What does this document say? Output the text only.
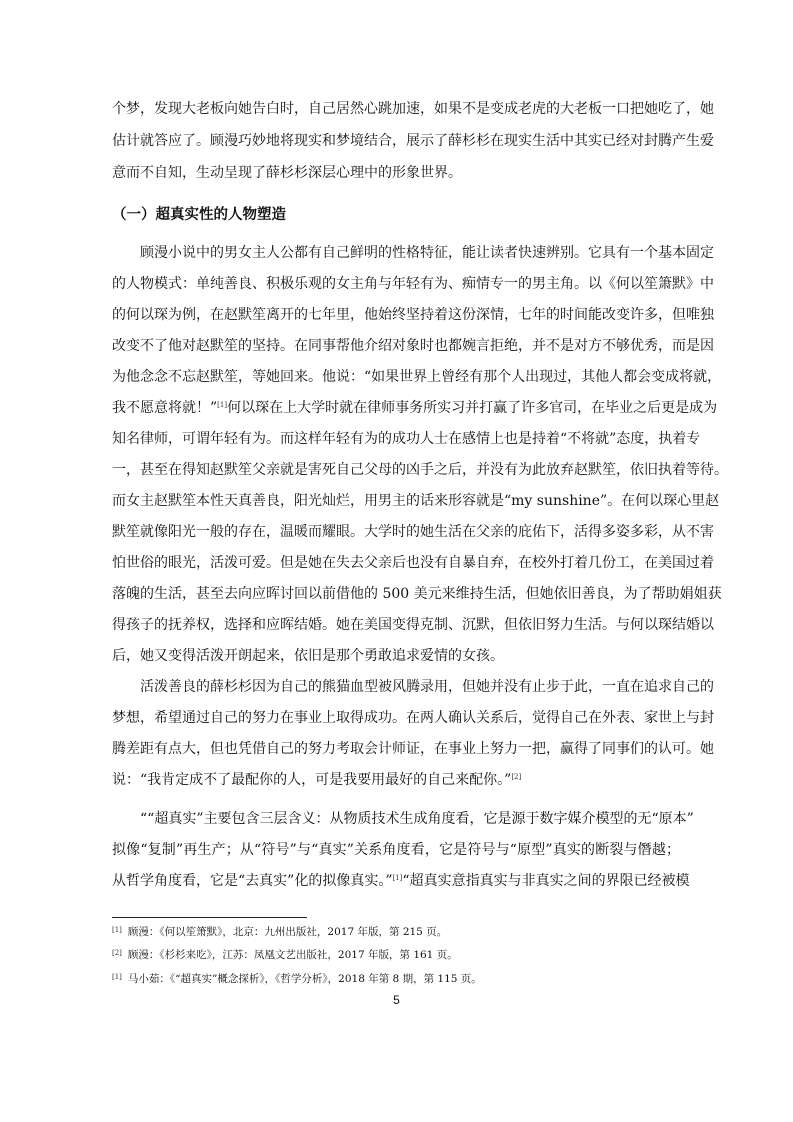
个梦，发现大老板向她告白时，自己居然心跳加速，如果不是变成老虎的大老板一口把她吃了，她
估计就答应了。顾漫巧妙地将现实和梦境结合，展示了薛杉杉在现实生活中其实已经对封腾产生爱
意而不自知，生动呈现了薛杉杉深层心理中的形象世界。
（一）超真实性的人物塑造
顾漫小说中的男女主人公都有自己鲜明的性格特征，能让读者快速辨别。它具有一个基本固定
的人物模式：单纯善良、积极乐观的女主角与年轻有为、痴情专一的男主角。以《何以笙箫默》中
的何以琛为例，在赵默笙离开的七年里，他始终坚持着这份深情，七年的时间能改变许多，但唯独
改变不了他对赵默笙的坚持。在同事帮他介绍对象时也都婉言拒绝，并不是对方不够优秀，而是因
为他念念不忘赵默笙，等她回来。他说：“如果世界上曾经有那个人出现过，其他人都会变成将就，
我不愿意将就！”[1]何以琛在上大学时就在律师事务所实习并打赢了许多官司，在毕业之后更是成为
知名律师，可谓年轻有为。而这样年轻有为的成功人士在感情上也是持着“不将就”态度，执着专
一，甚至在得知赵默笙父亲就是害死自己父母的凶手之后，并没有为此放弃赵默笙，依旧执着等待。
而女主赵默笙本性天真善良，阳光灿烂，用男主的话来形容就是“my sunshine”。在何以琛心里赵
默笙就像阳光一般的存在，温暖而耀眼。大学时的她生活在父亲的庇佑下，活得多姿多彩，从不害
怕世俗的眼光，活泼可爱。但是她在失去父亲后也没有自暴自弃，在校外打着几份工，在美国过着
落魄的生活，甚至去向应晖讨回以前借他的 500 美元来维持生活，但她依旧善良，为了帮助娟姐获
得孩子的抚养权，选择和应晖结婚。她在美国变得克制、沉默，但依旧努力生活。与何以琛结婚以
后，她又变得活泼开朗起来，依旧是那个勇敢追求爱情的女孩。
活泼善良的薛杉杉因为自己的熊猫血型被风腾录用，但她并没有止步于此，一直在追求自己的
梦想，希望通过自己的努力在事业上取得成功。在两人确认关系后，觉得自己在外表、家世上与封
腾差距有点大，但也凭借自己的努力考取会计师证，在事业上努力一把，赢得了同事们的认可。她
说：“我肯定成不了最配你的人，可是我要用最好的自己来配你。”[2]
““超真实”主要包含三层含义：从物质技术生成角度看，它是源于数字媒介模型的无“原本”
拟像“复制”再生产；从“符号”与“真实”关系角度看，它是符号与“原型”真实的断裂与僭越；
从哲学角度看，它是“去真实”化的拟像真实。”[1]“超真实意指真实与非真实之间的界限已经被模
[1] 顾漫：《何以笙箫默》，北京：九州出版社，2017 年版，第 215 页。
[2] 顾漫：《杉杉来吃》，江苏：凤凰文艺出版社，2017 年版，第 161 页。
[1] 马小茹：《“超真实”概念探析》，《哲学分析》，2018 年第 8 期，第 115 页。
5
